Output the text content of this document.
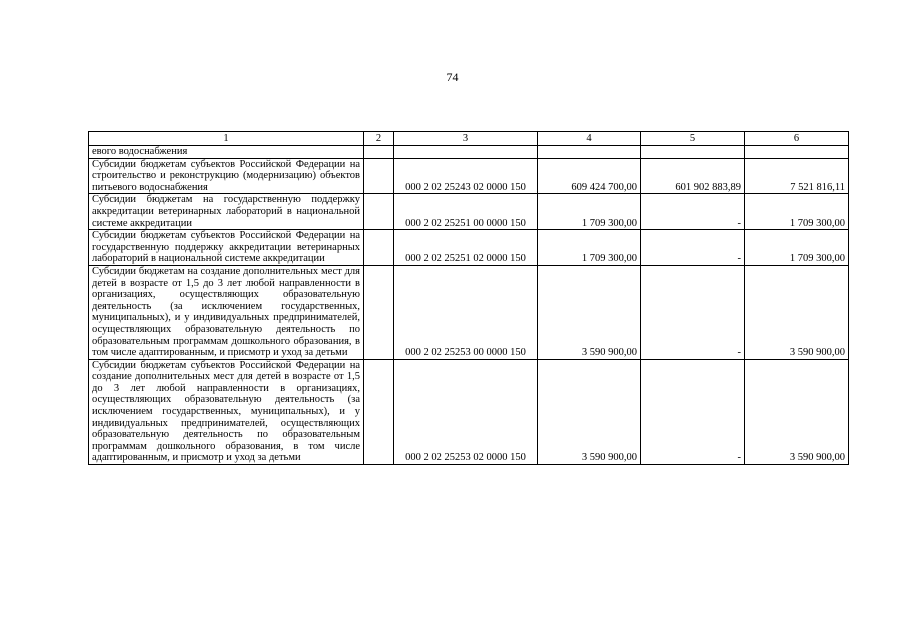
74
1	2	3	4	5	6
евого водоснабжения					
Субсидии бюджетам субъектов Российской Федерации на строительство и реконструкцию (модернизацию) объектов питьевого водоснабжения		000 2 02 25243 02 0000 150	609 424 700,00	601 902 883,89	7 521 816,11
Субсидии бюджетам на государственную поддержку аккредитации ветеринарных лабораторий в национальной системе аккредитации		000 2 02 25251 00 0000 150	1 709 300,00	-	1 709 300,00
Субсидии бюджетам субъектов Российской Федерации на государственную поддержку аккредитации ветеринарных лабораторий в национальной системе аккредитации		000 2 02 25251 02 0000 150	1 709 300,00	-	1 709 300,00
Субсидии бюджетам на создание дополнительных мест для детей в возрасте от 1,5 до 3 лет любой направленности в организациях, осуществляющих образовательную деятельность (за исключением государственных, муниципальных), и у индивидуальных предпринимателей, осуществляющих образовательную деятельность по образовательным программам дошкольного образования, в том числе адаптированным, и присмотр и уход за детьми		000 2 02 25253 00 0000 150	3 590 900,00	-	3 590 900,00
Субсидии бюджетам субъектов Российской Федерации на создание дополнительных мест для детей в возрасте от 1,5 до 3 лет любой направленности в организациях, осуществляющих образовательную деятельность (за исключением государственных, муниципальных), и у индивидуальных предпринимателей, осуществляющих образовательную деятельность по образовательным программам дошкольного образования, в том числе адаптированным, и присмотр и уход за детьми		000 2 02 25253 02 0000 150	3 590 900,00	-	3 590 900,00
